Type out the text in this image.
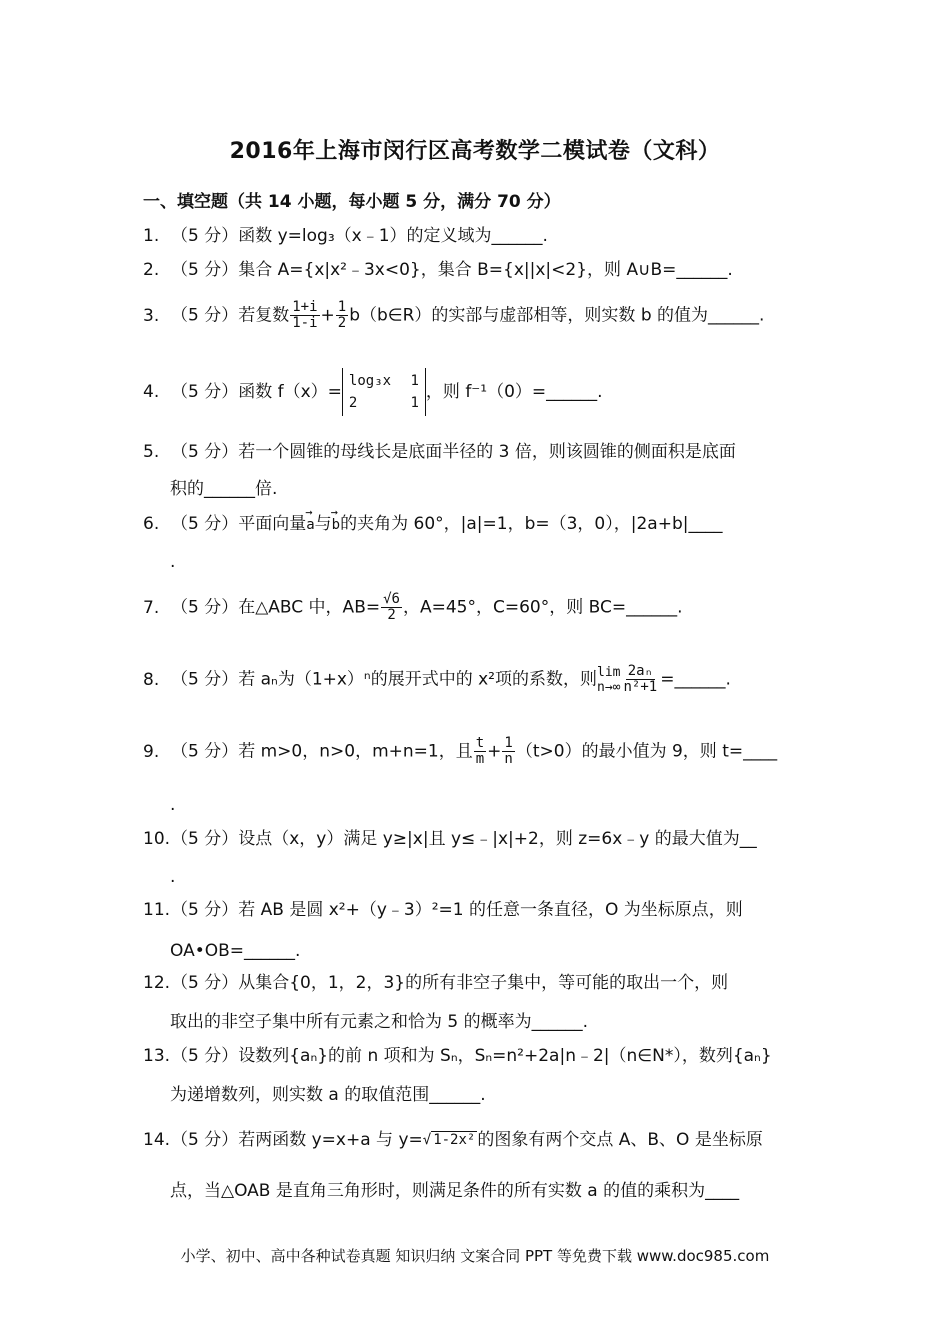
2016年上海市闵行区高考数学二模试卷（文科）
一、填空题（共 14 小题，每小题 5 分，满分 70 分）
1. （5 分）函数 y=log₃（x﹣1）的定义域为______.
2. （5 分）集合 A={x|x²﹣3x<0}，集合 B={x||x|<2}，则 A∪B=______.
3. （5 分）若复数 $\frac{1+i}{1-i} + \frac{1}{2}$ b（b∈R）的实部与虚部相等，则实数 b 的值为______.
4. （5 分）函数 f（x）=
log₃x 1
2	1
，则 f⁻¹（0）=______.
5. （5 分）若一个圆锥的母线长是底面半径的 3 倍，则该圆锥的侧面积是底面
积的______倍.
6. （5 分）平面向量→ a与→ b的夹角为 60°，|a|=1，b=（3，0），|2a+b|____
.
7. （5 分）在△ABC 中，$AB= \frac{√6}{2}$ ，A=45°，C=60°，则 BC=______.
8. （5 分）若 aₙ为（1+x）ⁿ的展开式中的 x²项的系数，则 lim
$n\to\infty \frac{\text{2aₙ}}{\text{n²+1}}$ =______.
9. （5 分）若 m>0，n>0，m+n=1，且 $\frac{t}{m} + \frac{1}{n} (t>0)$的最小值为 9，则 t=____
.
10.（5 分）设点（x，y）满足 y≥|x|且 y≤﹣|x|+2，则 z=6x﹣y 的最大值为__
.
11.（5 分）若 AB 是圆 x²+（y﹣3）²=1 的任意一条直径，O 为坐标原点，则
OA•OB=______.
12.（5 分）从集合{0，1，2，3}的所有非空子集中，等可能的取出一个，则
取出的非空子集中所有元素之和恰为 5 的概率为______.
13.（5 分）设数列{aₙ}的前 n 项和为 Sₙ，Sₙ=n²+2a|n﹣2|（n∈N*），数列{aₙ}
为递增数列，则实数 a 的取值范围______.
14.（5 分）若两函数 y=x+a 与 y=√ 1-2x² 的图象有两个交点 A、B、O 是坐标原
点，当△OAB 是直角三角形时，则满足条件的所有实数 a 的值的乘积为____
小学、初中、高中各种试卷真题 知识归纳 文案合同 PPT 等免费下载 www.doc985.com
